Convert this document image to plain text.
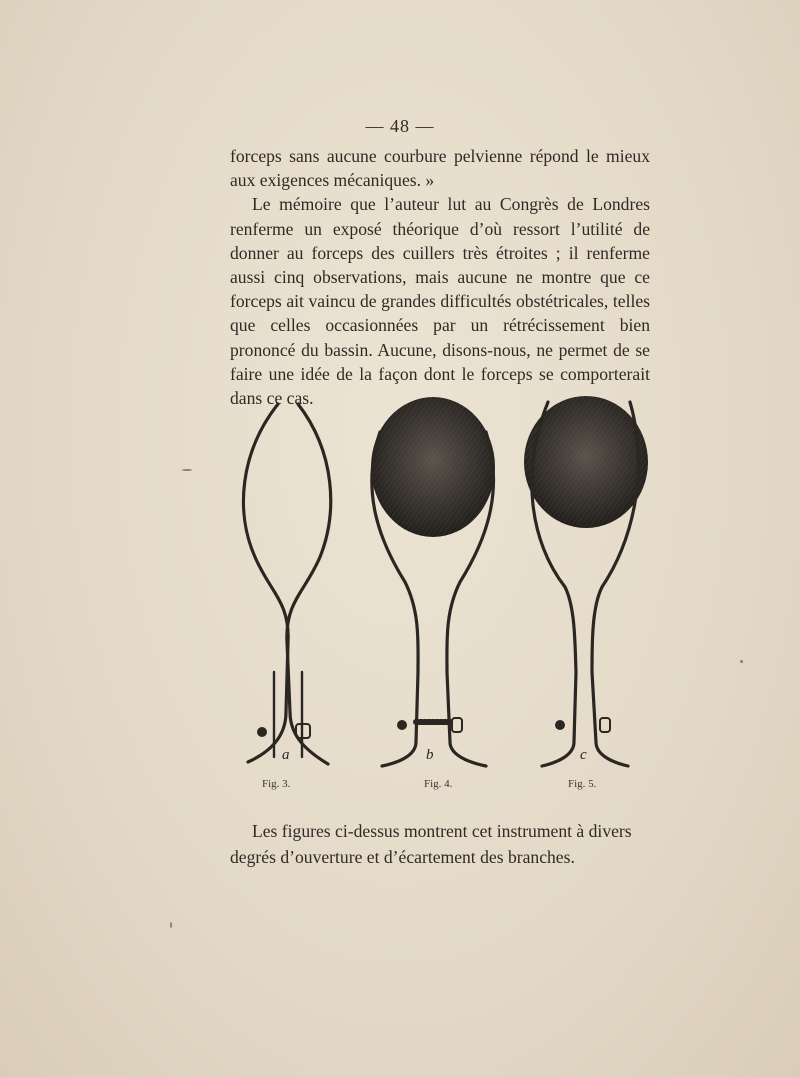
— 48 —

forceps sans aucune courbure pelvienne répond le mieux aux exigences mécaniques. »

Le mémoire que l’auteur lut au Congrès de Londres renferme un exposé théorique d’où ressort l’utilité de donner au forceps des cuillers très étroites ; il renferme aussi cinq observations, mais aucune ne montre que ce forceps ait vaincu de grandes difficultés obstétricales, telles que celles occasionnées par un rétrécissement bien prononcé du bassin. Aucune, disons-nous, ne permet de se faire une idée de la façon dont le forceps se comporterait dans ce cas.

a	b	c
Fig. 3.	Fig. 4.	Fig. 5.

Les figures ci-dessus montrent cet instrument à divers degrés d’ouverture et d’écartement des branches.
